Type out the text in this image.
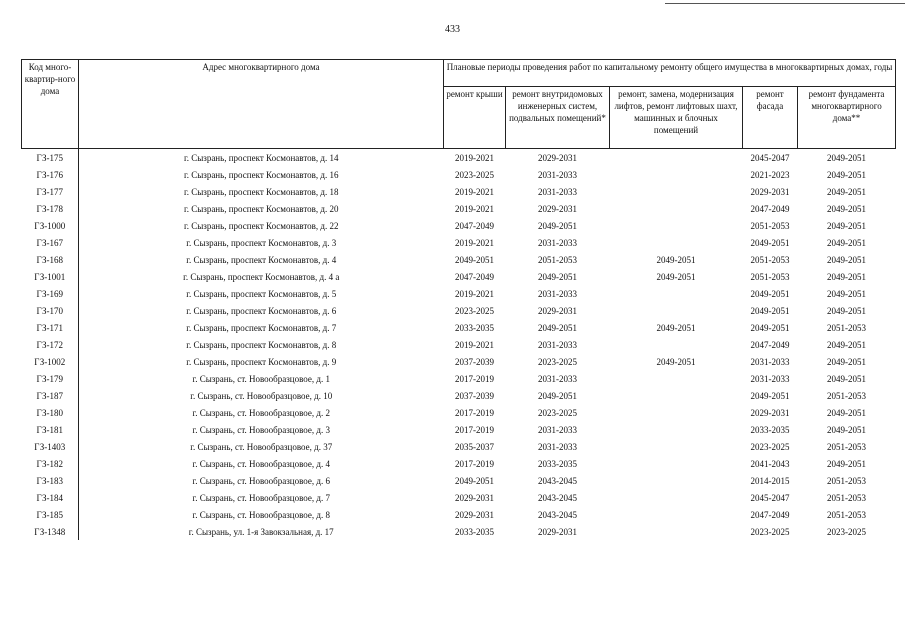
433
Код много-квартир-ного дома	Адрес многоквартирного дома	Плановые периоды проведения работ по капитальному ремонту общего имущества в многоквартирных домах, годы				
		ремонт крыши	ремонт внутридомовых инженерных систем, подвальных помещений*	ремонт, замена, модернизация лифтов, ремонт лифтовых шахт, машинных и блочных помещений	ремонт фасада	ремонт фундамента многоквартирного дома**
ГЗ-175	г. Сызрань, проспект Космонавтов, д. 14	2019-2021	2029-2031		2045-2047	2049-2051
ГЗ-176	г. Сызрань, проспект Космонавтов, д. 16	2023-2025	2031-2033		2021-2023	2049-2051
ГЗ-177	г. Сызрань, проспект Космонавтов, д. 18	2019-2021	2031-2033		2029-2031	2049-2051
ГЗ-178	г. Сызрань, проспект Космонавтов, д. 20	2019-2021	2029-2031		2047-2049	2049-2051
ГЗ-1000	г. Сызрань, проспект Космонавтов, д. 22	2047-2049	2049-2051		2051-2053	2049-2051
ГЗ-167	г. Сызрань, проспект Космонавтов, д. 3	2019-2021	2031-2033		2049-2051	2049-2051
ГЗ-168	г. Сызрань, проспект Космонавтов, д. 4	2049-2051	2051-2053	2049-2051	2051-2053	2049-2051
ГЗ-1001	г. Сызрань, проспект Космонавтов, д. 4 а	2047-2049	2049-2051	2049-2051	2051-2053	2049-2051
ГЗ-169	г. Сызрань, проспект Космонавтов, д. 5	2019-2021	2031-2033		2049-2051	2049-2051
ГЗ-170	г. Сызрань, проспект Космонавтов, д. 6	2023-2025	2029-2031		2049-2051	2049-2051
ГЗ-171	г. Сызрань, проспект Космонавтов, д. 7	2033-2035	2049-2051	2049-2051	2049-2051	2051-2053
ГЗ-172	г. Сызрань, проспект Космонавтов, д. 8	2019-2021	2031-2033		2047-2049	2049-2051
ГЗ-1002	г. Сызрань, проспект Космонавтов, д. 9	2037-2039	2023-2025	2049-2051	2031-2033	2049-2051
ГЗ-179	г. Сызрань, ст. Новообразцовое, д. 1	2017-2019	2031-2033		2031-2033	2049-2051
ГЗ-187	г. Сызрань, ст. Новообразцовое, д. 10	2037-2039	2049-2051		2049-2051	2051-2053
ГЗ-180	г. Сызрань, ст. Новообразцовое, д. 2	2017-2019	2023-2025		2029-2031	2049-2051
ГЗ-181	г. Сызрань, ст. Новообразцовое, д. 3	2017-2019	2031-2033		2033-2035	2049-2051
ГЗ-1403	г. Сызрань, ст. Новообразцовое, д. 37	2035-2037	2031-2033		2023-2025	2051-2053
ГЗ-182	г. Сызрань, ст. Новообразцовое, д. 4	2017-2019	2033-2035		2041-2043	2049-2051
ГЗ-183	г. Сызрань, ст. Новообразцовое, д. 6	2049-2051	2043-2045		2014-2015	2051-2053
ГЗ-184	г. Сызрань, ст. Новообразцовое, д. 7	2029-2031	2043-2045		2045-2047	2051-2053
ГЗ-185	г. Сызрань, ст. Новообразцовое, д. 8	2029-2031	2043-2045		2047-2049	2051-2053
ГЗ-1348	г. Сызрань, ул. 1-я Завокзальная, д. 17	2033-2035	2029-2031		2023-2025	2023-2025
